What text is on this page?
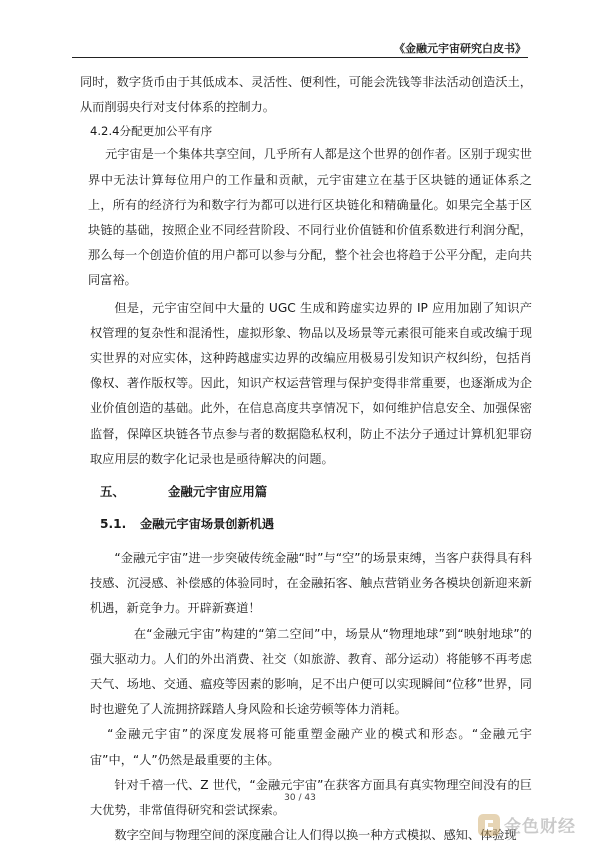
《金融元宇宙研究白皮书》

同时，数字货币由于其低成本、灵活性、便利性，可能会洗钱等非法活动创造沃土，从而削弱央行对支付体系的控制力。

4.2.4分配更加公平有序

元宇宙是一个集体共享空间，几乎所有人都是这个世界的创作者。区别于现实世界中无法计算每位用户的工作量和贡献，元宇宙建立在基于区块链的通证体系之上，所有的经济行为和数字行为都可以进行区块链化和精确量化。如果完全基于区块链的基础，按照企业不同经营阶段、不同行业价值链和价值系数进行利润分配，那么每一个创造价值的用户都可以参与分配，整个社会也将趋于公平分配，走向共同富裕。

但是，元宇宙空间中大量的 UGC 生成和跨虚实边界的 IP 应用加剧了知识产权管理的复杂性和混淆性，虚拟形象、物品以及场景等元素很可能来自或改编于现实世界的对应实体，这种跨越虚实边界的改编应用极易引发知识产权纠纷，包括肖像权、著作版权等。因此，知识产权运营管理与保护变得非常重要，也逐渐成为企业价值创造的基础。此外，在信息高度共享情况下，如何维护信息安全、加强保密监督，保障区块链各节点参与者的数据隐私权利，防止不法分子通过计算机犯罪窃取应用层的数字化记录也是亟待解决的问题。

五、	金融元宇宙应用篇
5.1.	金融元宇宙场景创新机遇

“金融元宇宙”进一步突破传统金融“时”与“空”的场景束缚，当客户获得具有科技感、沉浸感、补偿感的体验同时，在金融拓客、触点营销业务各模块创新迎来新机遇，新竞争力。开辟新赛道！

在“金融元宇宙”构建的“第二空间”中，场景从“物理地球”到“映射地球”的强大驱动力。人们的外出消费、社交（如旅游、教育、部分运动）将能够不再考虑天气、场地、交通、瘟疫等因素的影响，足不出户便可以实现瞬间“位移”世界，同时也避免了人流拥挤踩踏人身风险和长途劳顿等体力消耗。

“金融元宇宙”的深度发展将可能重塑金融产业的模式和形态。“金融元宇宙”中，“人”仍然是最重要的主体。

针对千禧一代、Z 世代，“金融元宇宙”在获客方面具有真实物理空间没有的巨大优势，非常值得研究和尝试探索。

数字空间与物理空间的深度融合让人们得以换一种方式模拟、感知、体验现

30 / 43
金色财经
